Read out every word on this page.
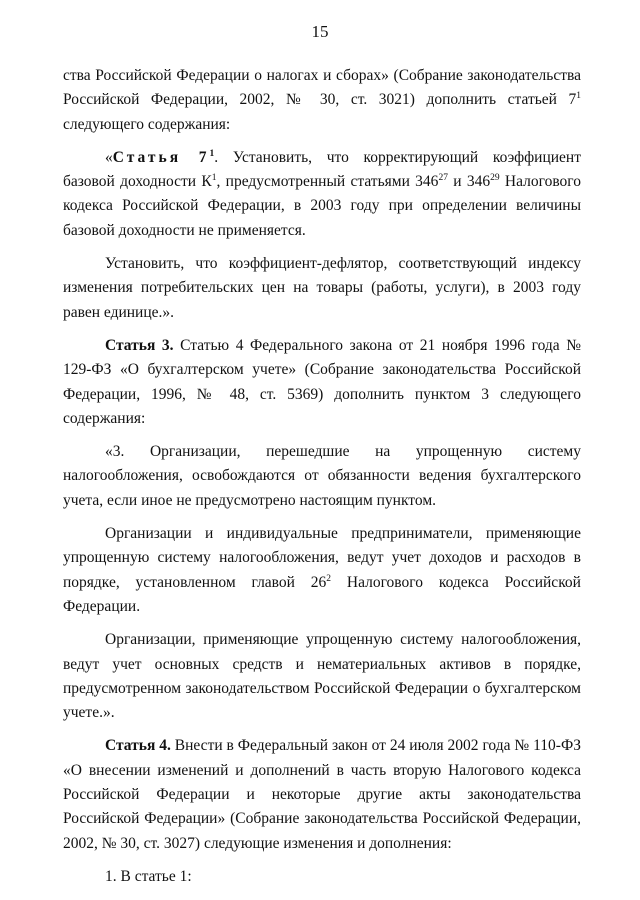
15

ства Российской Федерации о налогах и сборах» (Собрание законодательства Российской Федерации, 2002, № 30, ст. 3021) дополнить статьей $7^1$ следующего содержания:

«Статья $7^1$. Установить, что корректирующий коэффициент базовой доходности $К^1$, предусмотренный статьями $346^{27}$ и $346^{29}$ Налогового кодекса Российской Федерации, в 2003 году при определении величины базовой доходности не применяется.

Установить, что коэффициент-дефлятор, соответствующий индексу изменения потребительских цен на товары (работы, услуги), в 2003 году равен единице.».

Статья 3. Статью 4 Федерального закона от 21 ноября 1996 года № 129-ФЗ «О бухгалтерском учете» (Собрание законодательства Российской Федерации, 1996, № 48, ст. 5369) дополнить пунктом 3 следующего содержания:

«3. Организации, перешедшие на упрощенную систему налогообложения, освобождаются от обязанности ведения бухгалтерского учета, если иное не предусмотрено настоящим пунктом.

Организации и индивидуальные предприниматели, применяющие упрощенную систему налогообложения, ведут учет доходов и расходов в порядке, установленном главой $26^2$ Налогового кодекса Российской Федерации.

Организации, применяющие упрощенную систему налогообложения, ведут учет основных средств и нематериальных активов в порядке, предусмотренном законодательством Российской Федерации о бухгалтерском учете.».

Статья 4. Внести в Федеральный закон от 24 июля 2002 года № 110-ФЗ «О внесении изменений и дополнений в часть вторую Налогового кодекса Российской Федерации и некоторые другие акты законодательства Российской Федерации» (Собрание законодательства Российской Федерации, 2002, № 30, ст. 3027) следующие изменения и дополнения:

1. В статье 1:
